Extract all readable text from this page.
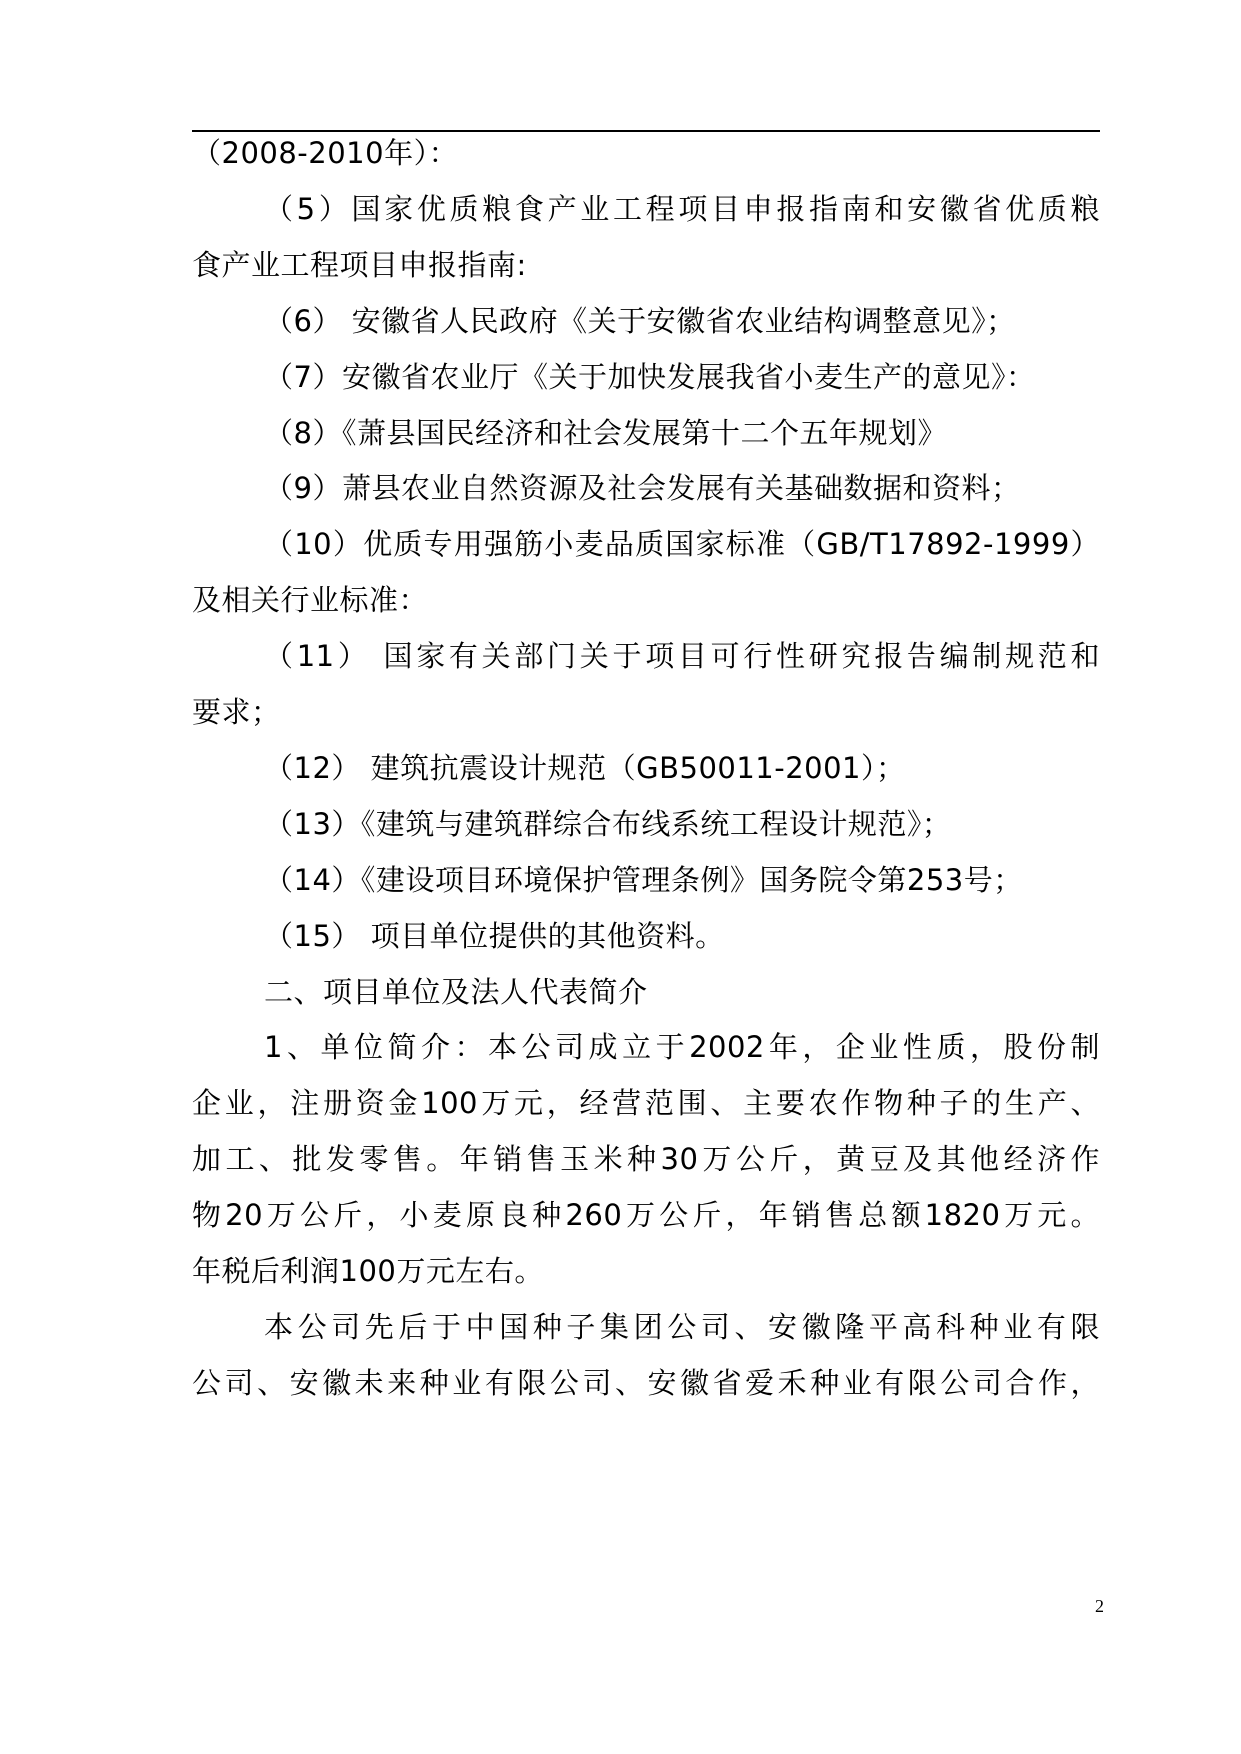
（2008-2010年）：
（5）国家优质粮食产业工程项目申报指南和安徽省优质粮
食产业工程项目申报指南:
（6） 安徽省人民政府《关于安徽省农业结构调整意见》；
（7）安徽省农业厅《关于加快发展我省小麦生产的意见》：
（8）《萧县国民经济和社会发展第十二个五年规划》
（9）萧县农业自然资源及社会发展有关基础数据和资料；
（10）优质专用强筋小麦品质国家标准（GB/T17892-1999）
及相关行业标准：
（11） 国家有关部门关于项目可行性研究报告编制规范和
要求；
（12） 建筑抗震设计规范（GB50011-2001）；
（13）《建筑与建筑群综合布线系统工程设计规范》；
（14）《建设项目环境保护管理条例》国务院令第253号；
（15） 项目单位提供的其他资料。
二、项目单位及法人代表简介
1、单位简介：本公司成立于2002年，企业性质，股份制
企业，注册资金100万元，经营范围、主要农作物种子的生产、
加工、批发零售。年销售玉米种30万公斤，黄豆及其他经济作
物20万公斤，小麦原良种260万公斤，年销售总额1820万元。
年税后利润100万元左右。
本公司先后于中国种子集团公司、安徽隆平高科种业有限
公司、安徽未来种业有限公司、安徽省爱禾种业有限公司合作，
2
